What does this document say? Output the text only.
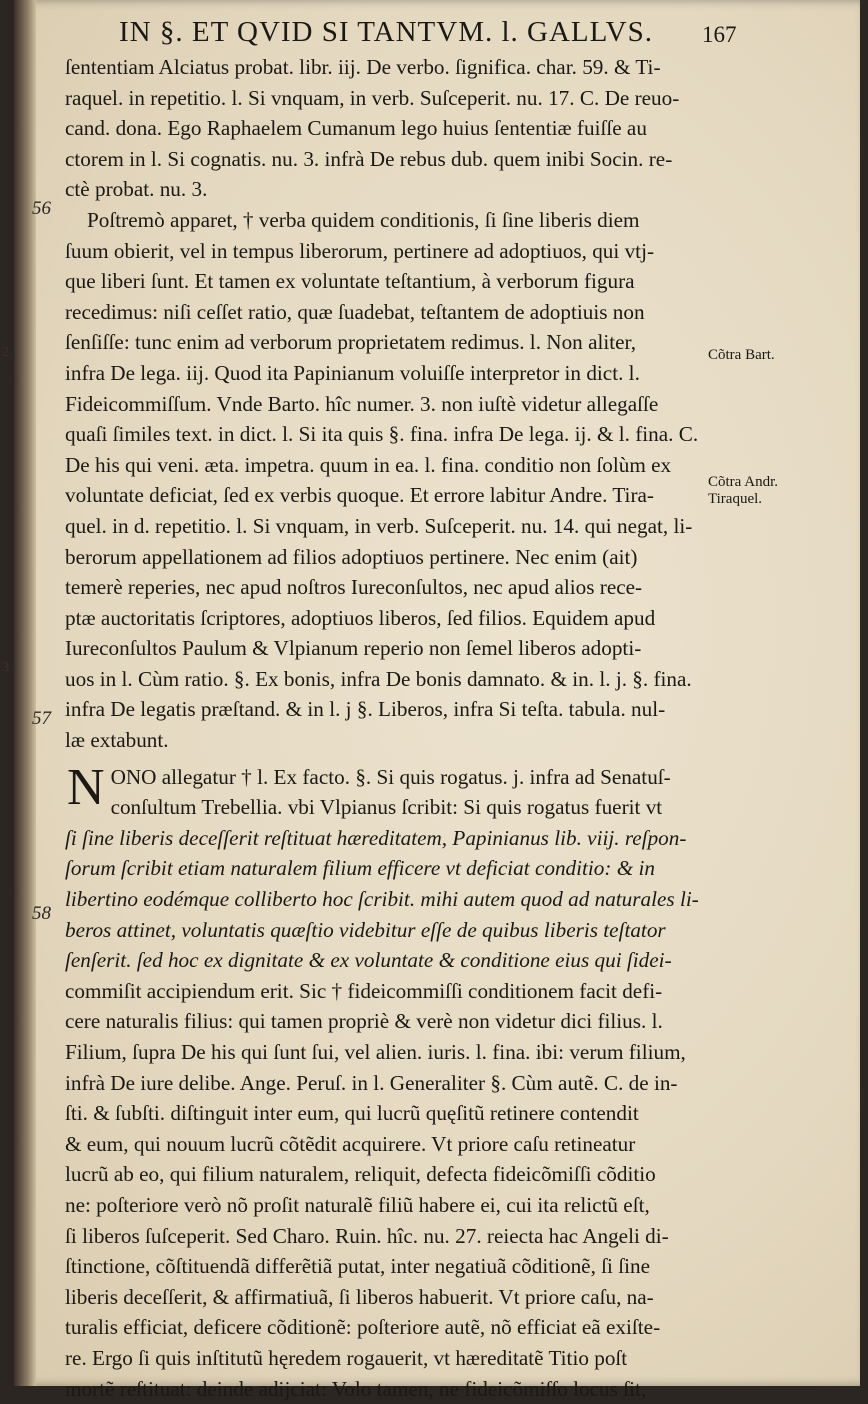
IN §. ET QVID SI TANTVM. l. GALLVS. 167
ſententiam Alciatus probat. libr. iij. De verbo. ſignifica. char. 59. & Ti-
raquel. in repetitio. l. Si vnquam, in verb. Suſceperit. nu. 17. C. De reuo-
cand. dona. Ego Raphaelem Cumanum lego huius ſententiæ fuiſſe au
ctorem in l. Si cognatis. nu. 3. infrà De rebus dub. quem inibi Socin. re-
ctè probat. nu. 3.
Poſtremò apparet, † verba quidem conditionis, ſi ſine liberis diem
ſuum obierit, vel in tempus liberorum, pertinere ad adoptiuos, qui vtj-
que liberi ſunt. Et tamen ex voluntate teſtantium, à verborum figura
recedimus: niſi ceſſet ratio, quæ ſuadebat, teſtantem de adoptiuis non
ſenſiſſe: tunc enim ad verborum proprietatem redimus. l. Non aliter,
infra De lega. iij. Quod ita Papinianum voluiſſe interpretor in dict. l.
Fideicommiſſum. Vnde Barto. hîc numer. 3. non iuſtè videtur allegaſſe
quaſi ſimiles text. in dict. l. Si ita quis §. fina. infra De lega. ij. & l. fina. C.
De his qui veni. æta. impetra. quum in ea. l. fina. conditio non ſolùm ex
voluntate deficiat, ſed ex verbis quoque. Et errore labitur Andre. Tira-
quel. in d. repetitio. l. Si vnquam, in verb. Suſceperit. nu. 14. qui negat, li-
berorum appellationem ad filios adoptiuos pertinere. Nec enim (ait)
temerè reperies, nec apud noſtros Iureconſultos, nec apud alios rece-
ptæ auctoritatis ſcriptores, adoptiuos liberos, ſed filios. Equidem apud
Iureconſultos Paulum & Vlpianum reperio non ſemel liberos adopti-
uos in l. Cùm ratio. §. Ex bonis, infra De bonis damnato. & in. l. j. §. fina.
infra De legatis præſtand. & in l. j §. Liberos, infra Si teſta. tabula. nul-
læ extabunt.
N ONO allegatur † l. Ex facto. §. Si quis rogatus. j. infra ad Senatuſ-
conſultum Trebellia. vbi Vlpianus ſcribit: Si quis rogatus fuerit vt
ſi ſine liberis deceſſerit reſtituat hæreditatem, Papinianus lib. viij. reſpon-
ſorum ſcribit etiam naturalem filium efficere vt deficiat conditio: & in
libertino eodémque colliberto hoc ſcribit. mihi autem quod ad naturales li-
beros attinet, voluntatis quæſtio videbitur eſſe de quibus liberis teſtator
ſenſerit. ſed hoc ex dignitate & ex voluntate & conditione eius qui ſidei-
commiſit accipiendum erit. Sic † fideicommiſſi conditionem facit defi-
cere naturalis filius: qui tamen propriè & verè non videtur dici filius. l.
Filium, ſupra De his qui ſunt ſui, vel alien. iuris. l. fina. ibi: verum filium,
infrà De iure delibe. Ange. Peruſ. in l. Generaliter §. Cùm autẽ. C. de in-
ſti. & ſubſti. diſtinguit inter eum, qui lucrũ quęſitũ retinere contendit
& eum, qui nouum lucrũ cõtẽdit acquirere. Vt priore caſu retineatur
lucrũ ab eo, qui filium naturalem, reliquit, defecta fideicõmiſſi cõditio
ne: poſteriore verò nõ proſit naturalẽ filiũ habere ei, cui ita relictũ eſt,
ſi liberos ſuſceperit. Sed Charo. Ruin. hîc. nu. 27. reiecta hac Angeli di-
ſtinctione, cõſtituendã differẽtiã putat, inter negatiuã cõditionẽ, ſi ſine
liberis deceſſerit, & affirmatiuã, ſi liberos habuerit. Vt priore caſu, na-
turalis efficiat, deficere cõditionẽ: poſteriore autẽ, nõ efficiat eã exiſte-
re. Ergo ſi quis inſtitutũ hęredem rogauerit, vt hæreditatẽ Titio poſt
mortẽ reſtituat: deinde adijciat: Volo tamen, ne fideicõmiſſo locus ſit,
56
57
58
Cõtra Bart.
Cõtra Andr. Tiraquel.
2
3
